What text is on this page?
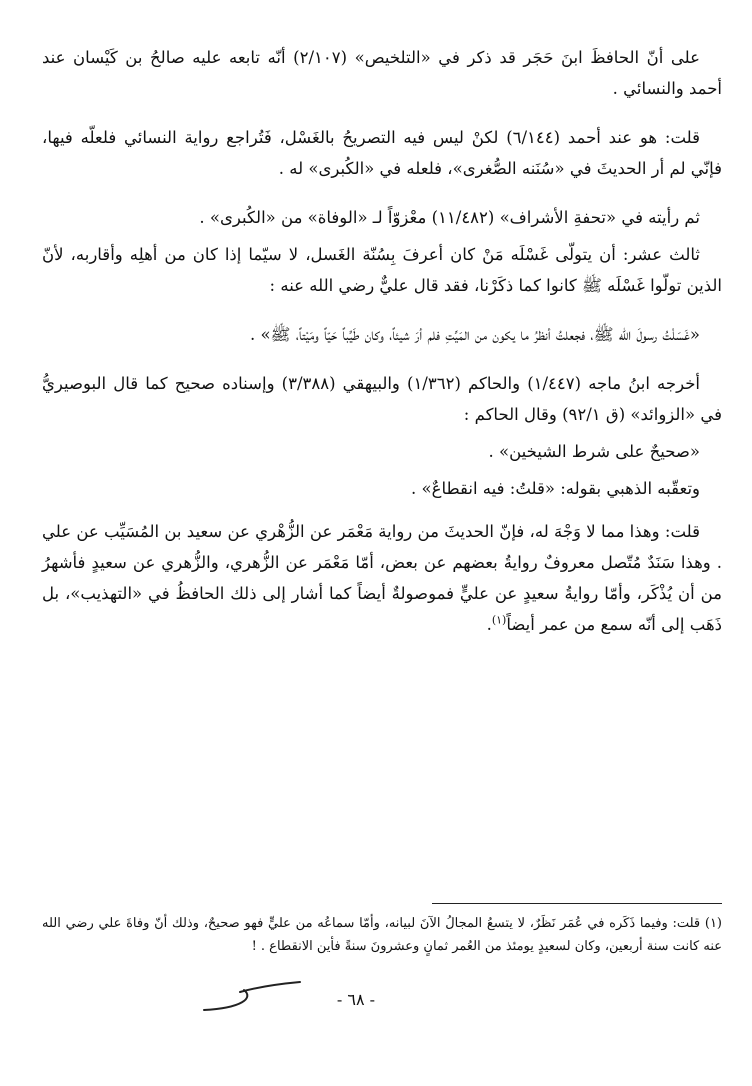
على أنّ الحافظَ ابنَ حَجَر قد ذكر في «التلخيص» (٢/١٠٧) أنّه تابعه عليه صالحُ بن كَيْسان عند أحمد والنسائي .

قلت: هو عند أحمد (٦/١٤٤) لكنْ ليس فيه التصريحُ بالغَسْل، فَتُراجع رواية النسائي فلعلّه فيها، فإنّي لم أر الحديثَ في «سُنَنه الصُّغرى»، فلعله في «الكُبرى» له .

ثم رأيته في «تحفةِ الأشراف» (١١/٤٨٢) معْزوّاً لـ «الوفاة» من «الكُبرى» .

ثالث عشر: أن يتولّى غَسْلَه مَنْ كان أعرفَ بِسُنّة الغَسل، لا سيّما إذا كان من أهلِه وأقاربه، لأنّ الذين تولّوا غَسْلَه ﷺ كانوا كما ذكَرْنا، فقد قال عليٌّ رضي الله عنه :

«غَسَلْتُ رسولَ الله ﷺ، فجعلتُ أنظرُ ما يكون من المَيِّتِ فلم أرَ شيئاً، وكان طَيِّباً حَيّاً ومَيْتاً، ﷺ» .

أخرجه ابنُ ماجه (١/٤٤٧) والحاكم (١/٣٦٢) والبيهقي (٣/٣٨٨) وإسناده صحيح كما قال البوصيريُّ في «الزوائد» (ق ٩٢/١) وقال الحاكم :

«صحيحٌ على شرط الشيخين» .

وتعقّبه الذهبي بقوله: «قلتُ: فيه انقطاعٌ» .

قلت: وهذا مما لا وَجْهَ له، فإنّ الحديثَ من رواية مَعْمَر عن الزُّهْري عن سعيد بن المُسَيِّب عن علي . وهذا سَنَدٌ مُتّصل معروفٌ روايةُ بعضهم عن بعض، أمّا مَعْمَر عن الزُّهري، والزُّهري عن سعيدٍ فأشهرُ من أن يُذْكَر، وأمّا روايةُ سعيدٍ عن عليٍّ فموصولةٌ أيضاً كما أشار إلى ذلك الحافظُ في «التهذيب»، بل ذَهَب إلى أنّه سمع من عمر أيضاً$^{(١)}$.

(١) قلت: وفيما ذَكَره في عُمَر نَظَرٌ، لا يتسعُ المجالُ الآنَ لبيانه، وأمّا سماعُه من عليٍّ فهو صحيحٌ، وذلك أنّ وفاةَ علي رضي الله عنه كانت سنة أربعين، وكان لسعيدٍ يومئذ من العُمر ثمانٍ وعشرونَ سنةً فأين الانقطاع . !

- ٦٨ -
